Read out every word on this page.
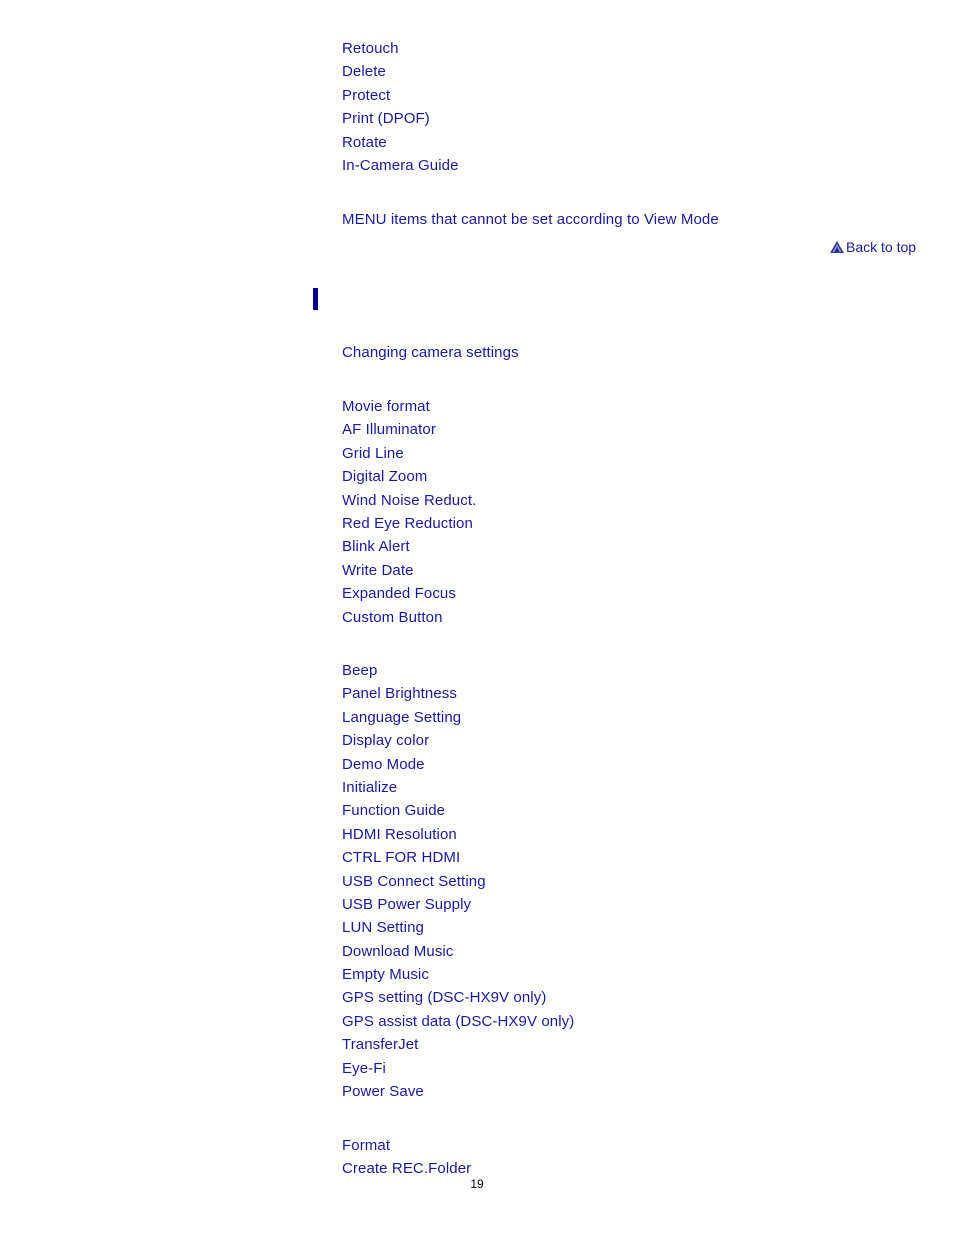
Retouch
Delete
Protect
Print (DPOF)
Rotate
In-Camera Guide
MENU items that cannot be set according to View Mode
Back to top
Changing camera settings
Movie format
AF Illuminator
Grid Line
Digital Zoom
Wind Noise Reduct.
Red Eye Reduction
Blink Alert
Write Date
Expanded Focus
Custom Button
Beep
Panel Brightness
Language Setting
Display color
Demo Mode
Initialize
Function Guide
HDMI Resolution
CTRL FOR HDMI
USB Connect Setting
USB Power Supply
LUN Setting
Download Music
Empty Music
GPS setting (DSC-HX9V only)
GPS assist data (DSC-HX9V only)
TransferJet
Eye-Fi
Power Save
Format
Create REC.Folder
19
